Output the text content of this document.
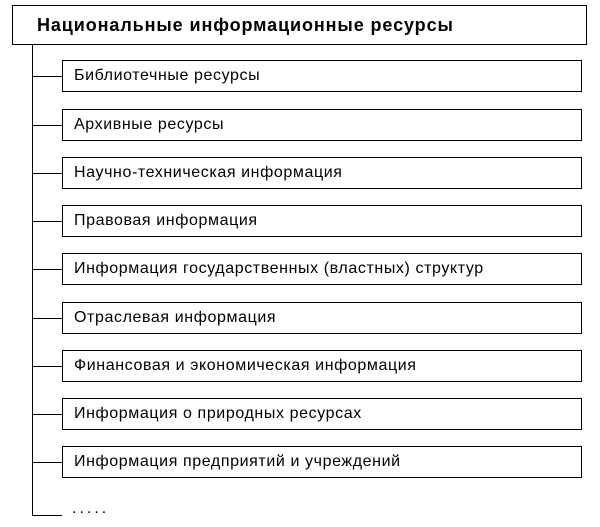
Национальные информационные ресурсы
Библиотечные ресурсы
Архивные ресурсы
Научно-техническая информация
Правовая информация
Информация государственных (властных) структур
Отраслевая информация
Финансовая и экономическая информация
Информация о природных ресурсах
Информация предприятий и учреждений
.....
